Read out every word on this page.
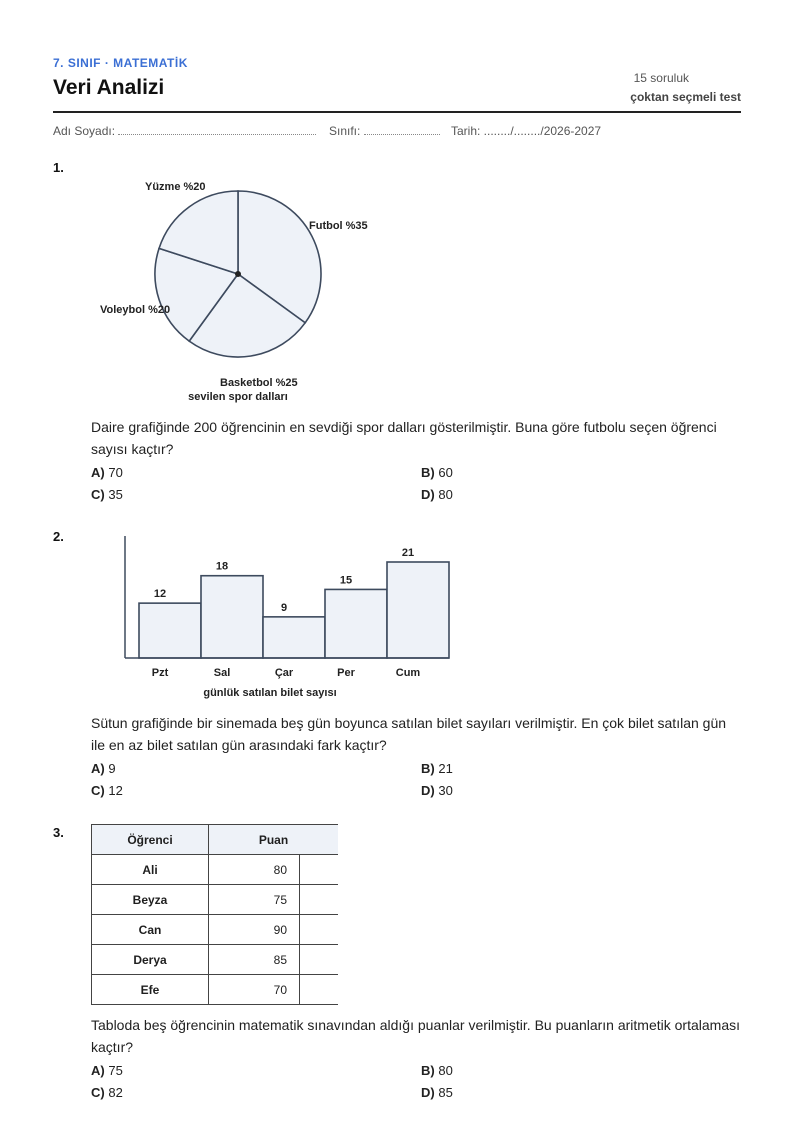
7. SINIF · MATEMATİK
Veri Analizi	15 soruluk
çoktan seçmeli test
Adı Soyadı:	Sınıfı:	Tarih: ......../......../2026-2027
1.
Futbol %35
Basketbol %25
Voleybol %20
Yüzme %20
sevilen spor dalları
Daire grafiğinde 200 öğrencinin en sevdiği spor dalları gösterilmiştir. Buna göre futbolu seçen öğrenci sayısı kaçtır?
A) 70	B) 60
C) 35	D) 80
2.
12
Pzt
18
Sal
9
Çar
15
Per
21
Cum
günlük satılan bilet sayısı
Sütun grafiğinde bir sinemada beş gün boyunca satılan bilet sayıları verilmiştir. En çok bilet satılan gün ile en az bilet satılan gün arasındaki fark kaçtır?
A) 9	B) 21
C) 12	D) 30
3.	Öğrenci	Puan	
Ali	80	
Beyza	75	
Can	90	
Derya	85	
Efe	70	
Tabloda beş öğrencinin matematik sınavından aldığı puanlar verilmiştir. Bu puanların aritmetik ortalaması kaçtır?
A) 75	B) 80
C) 82	D) 85
